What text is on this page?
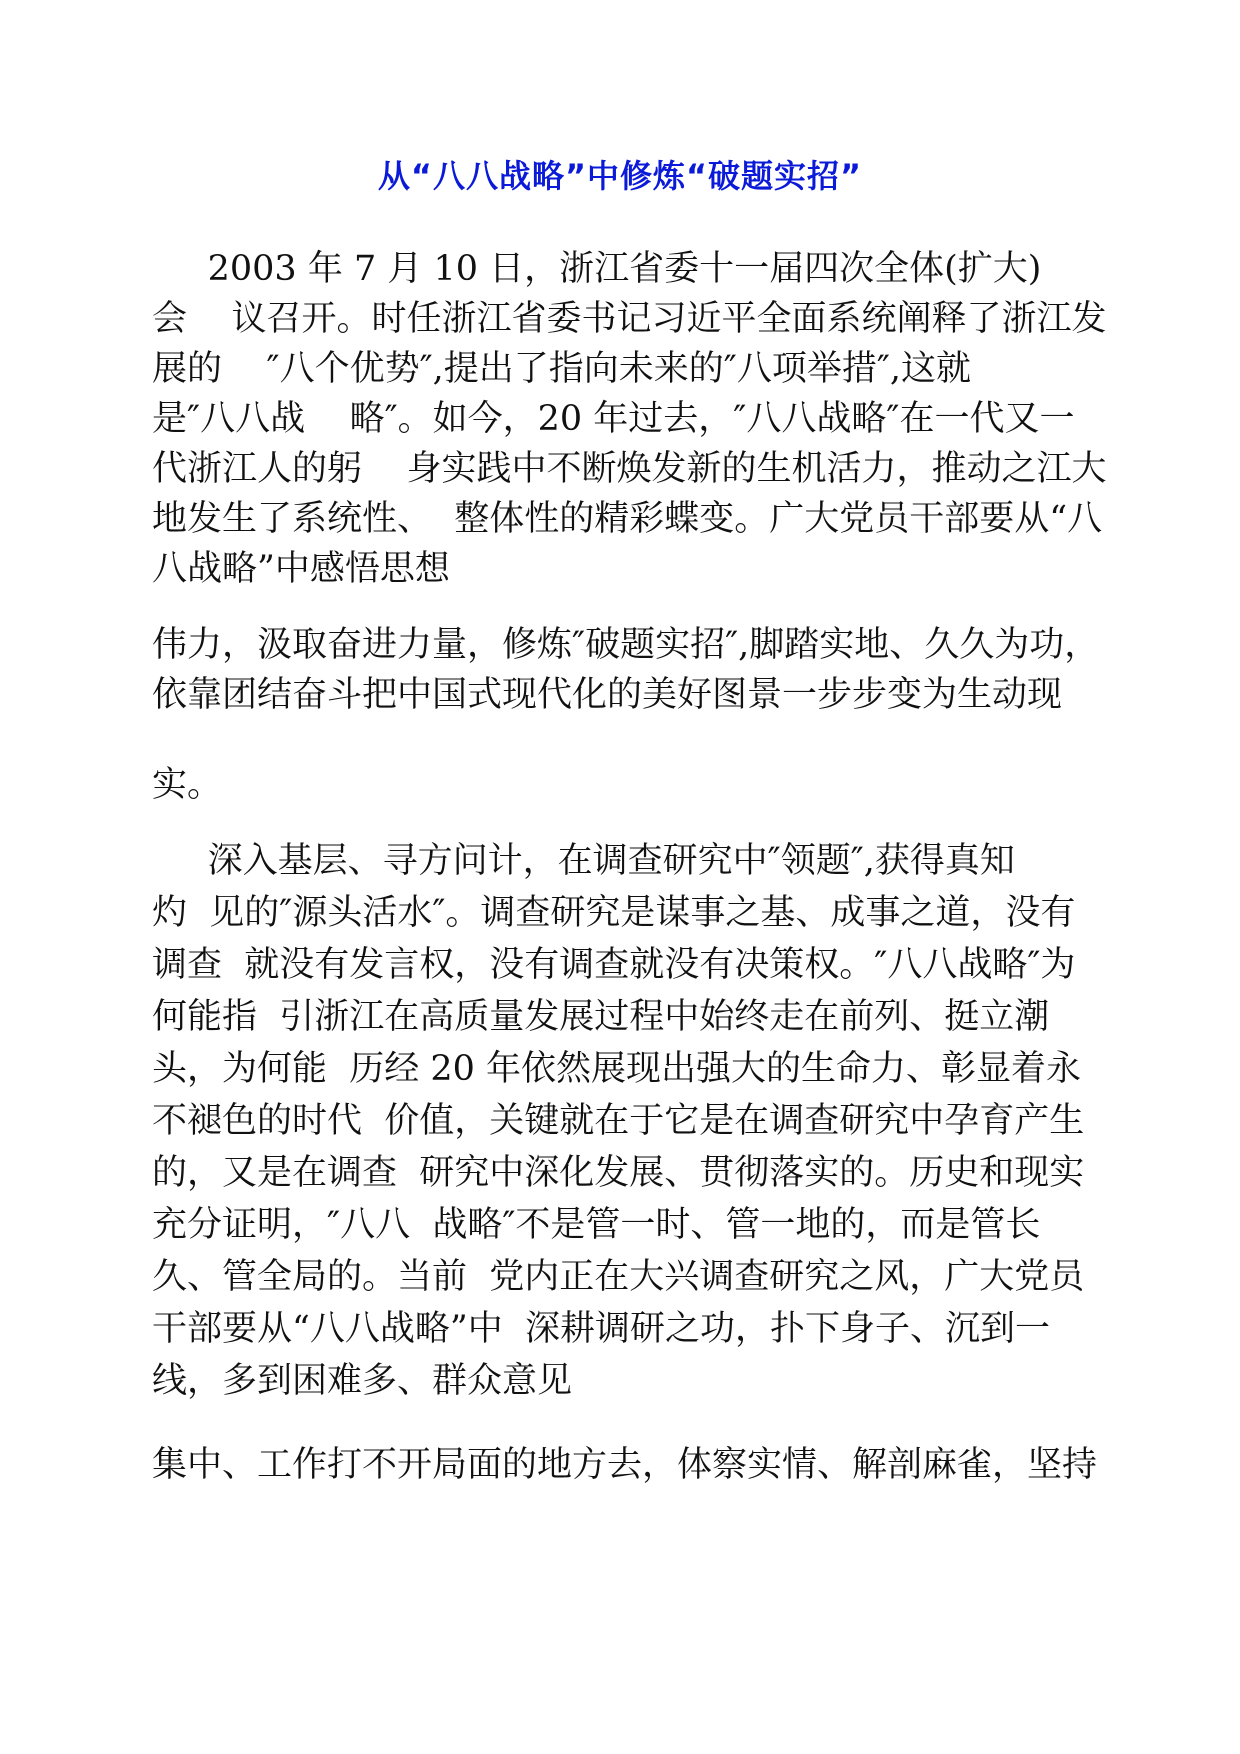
从“八八战略”中修炼“破题实招”
2003 年 7 月 10 日，浙江省委十一届四次全体(扩大)
会    议召开。时任浙江省委书记习近平全面系统阐释了浙江发
展的    ″八个优势″,提出了指向未来的″八项举措″,这就
是″八八战    略″。如今，20 年过去，″八八战略″在一代又一
代浙江人的躬    身实践中不断焕发新的生机活力，推动之江大
地发生了系统性、  整体性的精彩蝶变。广大党员干部要从“八
八战略”中感悟思想
伟力，汲取奋进力量，修炼″破题实招″,脚踏实地、久久为功，
依靠团结奋斗把中国式现代化的美好图景一步步变为生动现
实。
深入基层、寻方问计，在调查研究中″领题″,获得真知
灼  见的″源头活水″。调查研究是谋事之基、成事之道，没有
调查  就没有发言权，没有调查就没有决策权。″八八战略″为
何能指  引浙江在高质量发展过程中始终走在前列、挺立潮
头，为何能  历经 20 年依然展现出强大的生命力、彰显着永
不褪色的时代  价值，关键就在于它是在调查研究中孕育产生
的，又是在调查  研究中深化发展、贯彻落实的。历史和现实
充分证明，″八八  战略″不是管一时、管一地的，而是管长
久、管全局的。当前  党内正在大兴调查研究之风，广大党员
干部要从“八八战略”中  深耕调研之功，扑下身子、沉到一
线，多到困难多、群众意见
集中、工作打不开局面的地方去，体察实情、解剖麻雀，坚持
